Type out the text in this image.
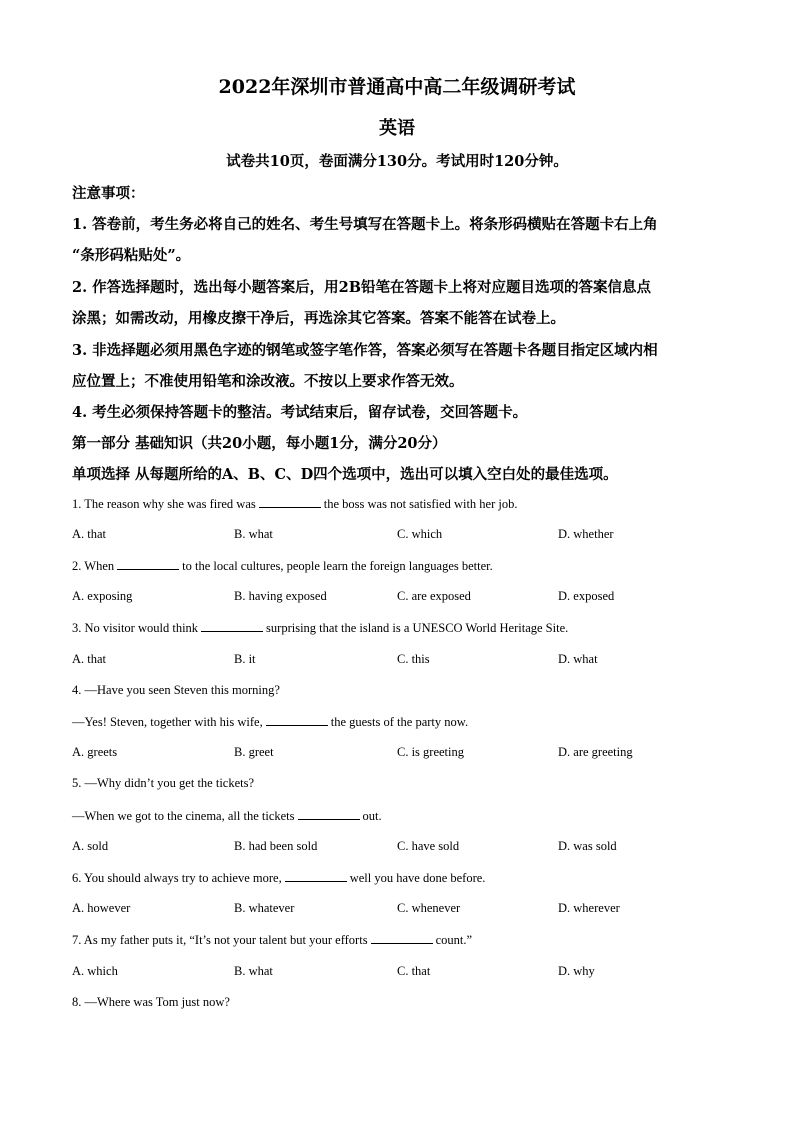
2022年深圳市普通高中高二年级调研考试
英语
试卷共10页，卷面满分130分。考试用时120分钟。
注意事项：
1. 答卷前，考生务必将自己的姓名、考生号填写在答题卡上。将条形码横贴在答题卡右上角
“条形码粘贴处”。
2. 作答选择题时，选出每小题答案后，用2B铅笔在答题卡上将对应题目选项的答案信息点
涂黑；如需改动，用橡皮擦干净后，再选涂其它答案。答案不能答在试卷上。
3. 非选择题必须用黑色字迹的钢笔或签字笔作答，答案必须写在答题卡各题目指定区域内相
应位置上；不准使用铅笔和涂改液。不按以上要求作答无效。
4. 考生必须保持答题卡的整洁。考试结束后，留存试卷，交回答题卡。
第一部分 基础知识（共20小题，每小题1分，满分20分）
单项选择 从每题所给的A、B、C、D四个选项中，选出可以填入空白处的最佳选项。
1. The reason why she was fired was	the boss was not satisfied with her job.
A. that	B. what	C. which	D. whether
2. When	to the local cultures, people learn the foreign languages better.
A. exposing	B. having exposed	C. are exposed	D. exposed
3. No visitor would think	surprising that the island is a UNESCO World Heritage Site.
A. that	B. it	C. this	D. what
4. —Have you seen Steven this morning?
—Yes! Steven, together with his wife,	the guests of the party now.
A. greets	B. greet	C. is greeting	D. are greeting
5. —Why didn’t you get the tickets?
—When we got to the cinema, all the tickets	out.
A. sold	B. had been sold	C. have sold	D. was sold
6. You should always try to achieve more,	well you have done before.
A. however	B. whatever	C. whenever	D. wherever
7. As my father puts it, “It’s not your talent but your efforts	count.”
A. which	B. what	C. that	D. why
8. —Where was Tom just now?
